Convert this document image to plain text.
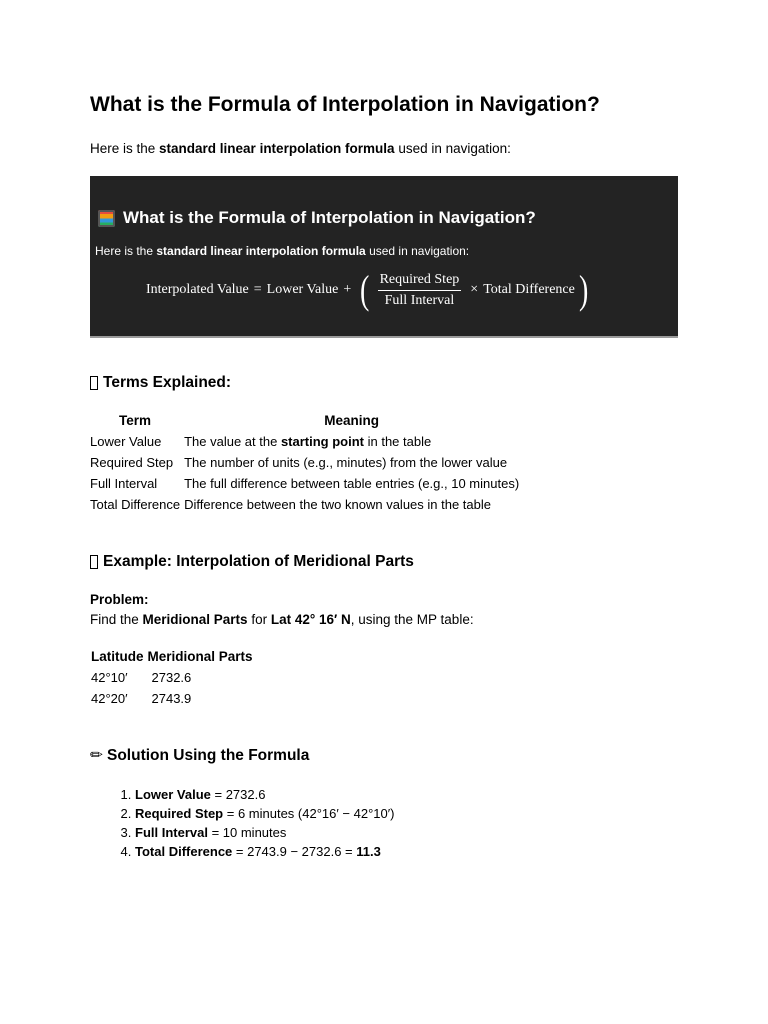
What is the Formula of Interpolation in Navigation?
Here is the standard linear interpolation formula used in navigation:
What is the Formula of Interpolation in Navigation?
Here is the standard linear interpolation formula used in navigation:
Interpolated Value = Lower Value + ( $\frac{\text{Required Step}}{\text{Full Interval}}$ × Total Difference )
Terms Explained:
Term	Meaning
Lower Value	The value at the starting point in the table
Required Step	The number of units (e.g., minutes) from the lower value
Full Interval	The full difference between table entries (e.g., 10 minutes)
Total Difference	Difference between the two known values in the table
Example: Interpolation of Meridional Parts
Problem:
Find the Meridional Parts for Lat 42° 16′ N, using the MP table:
Latitude	Meridional Parts
42°10′	2732.6
42°20′	2743.9
✏ Solution Using the Formula
1. Lower Value = 2732.6
2. Required Step = 6 minutes (42°16′ − 42°10′)
3. Full Interval = 10 minutes
4. Total Difference = 2743.9 − 2732.6 = 11.3
